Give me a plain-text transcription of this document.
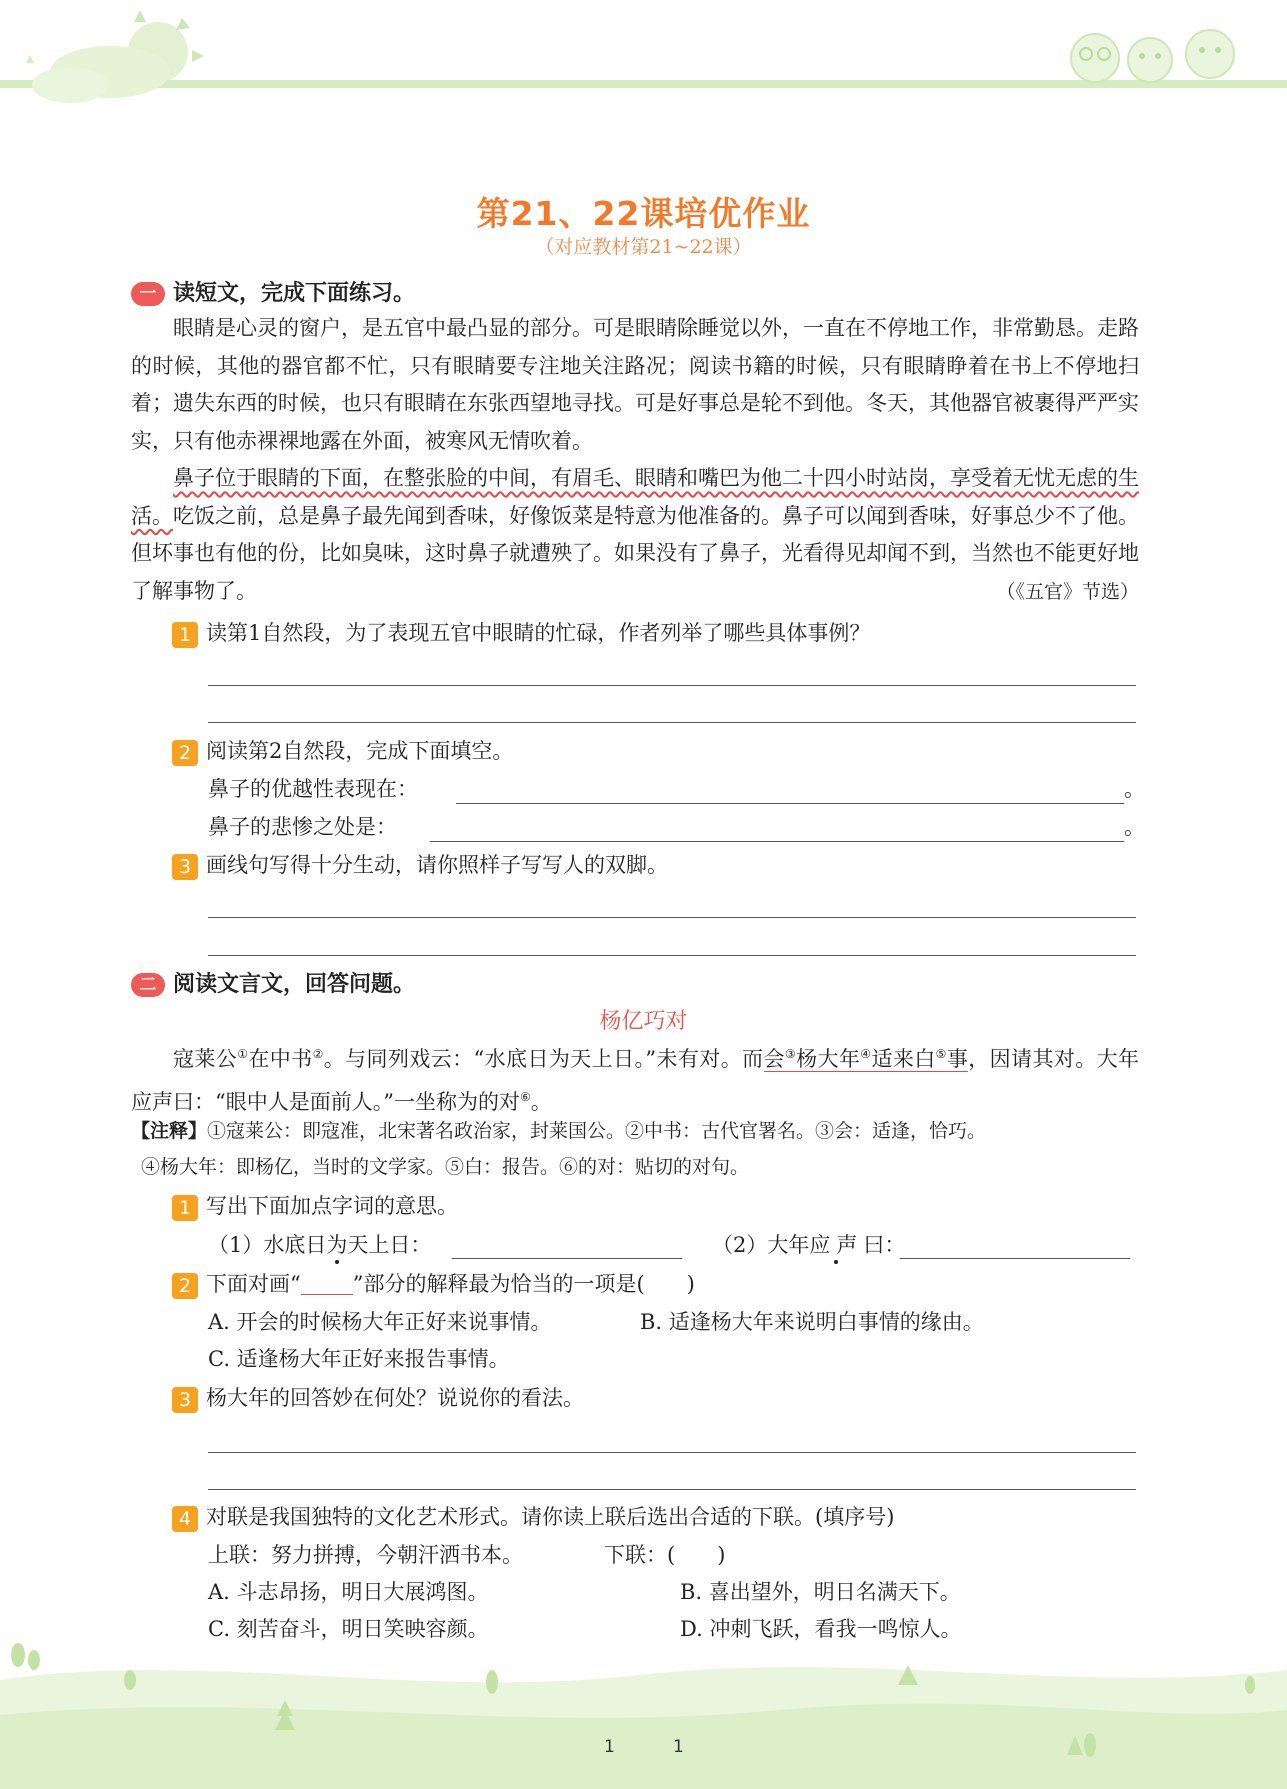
第21、22课培优作业
（对应教材第21~22课）
一 读短文，完成下面练习。
眼睛是心灵的窗户，是五官中最凸显的部分。可是眼睛除睡觉以外，一直在不停地工作，非常勤恳。走路的时候，其他的器官都不忙，只有眼睛要专注地关注路况；阅读书籍的时候，只有眼睛睁着在书上不停地扫着；遗失东西的时候，也只有眼睛在东张西望地寻找。可是好事总是轮不到他。冬天，其他器官被裹得严严实实，只有他赤裸裸地露在外面，被寒风无情吹着。
鼻子位于眼睛的下面，在整张脸的中间，有眉毛、眼睛和嘴巴为他二十四小时站岗，享受着无忧无虑的生活。吃饭之前，总是鼻子最先闻到香味，好像饭菜是特意为他准备的。鼻子可以闻到香味，好事总少不了他。但坏事也有他的份，比如臭味，这时鼻子就遭殃了。如果没有了鼻子，光看得见却闻不到，当然也不能更好地了解事物了。	（《五官》节选）
1 读第1自然段，为了表现五官中眼睛的忙碌，作者列举了哪些具体事例？
2 阅读第2自然段，完成下面填空。
鼻子的优越性表现在：	。
鼻子的悲惨之处是：	。
3 画线句写得十分生动，请你照样子写写人的双脚。
二 阅读文言文，回答问题。
杨亿巧对
寇莱公①在中书②。与同列戏云：“水底日为天上日。”未有对。而会③杨大年④适来白⑤事，因请其对。大年应声曰：“眼中人是面前人。”一坐称为的对⑥。
【注释】①寇莱公：即寇准，北宋著名政治家，封莱国公。②中书：古代官署名。③会：适逢，恰巧。
④杨大年：即杨亿，当时的文学家。⑤白：报告。⑥的对：贴切的对句。
1 写出下面加点字词的意思。
（1）水底日为天上日：	（2）大年应声曰：
2 下面对画“ ”部分的解释最为恰当的一项是(　　)
A. 开会的时候杨大年正好来说事情。	B. 适逢杨大年来说明白事情的缘由。
C. 适逢杨大年正好来报告事情。
3 杨大年的回答妙在何处？说说你的看法。
4 对联是我国独特的文化艺术形式。请你读上联后选出合适的下联。(填序号)
上联：努力拼搏，今朝汗洒书本。	下联：(　　)
A. 斗志昂扬，明日大展鸿图。	B. 喜出望外，明日名满天下。
C. 刻苦奋斗，明日笑映容颜。	D. 冲刺飞跃，看我一鸣惊人。
1	1
